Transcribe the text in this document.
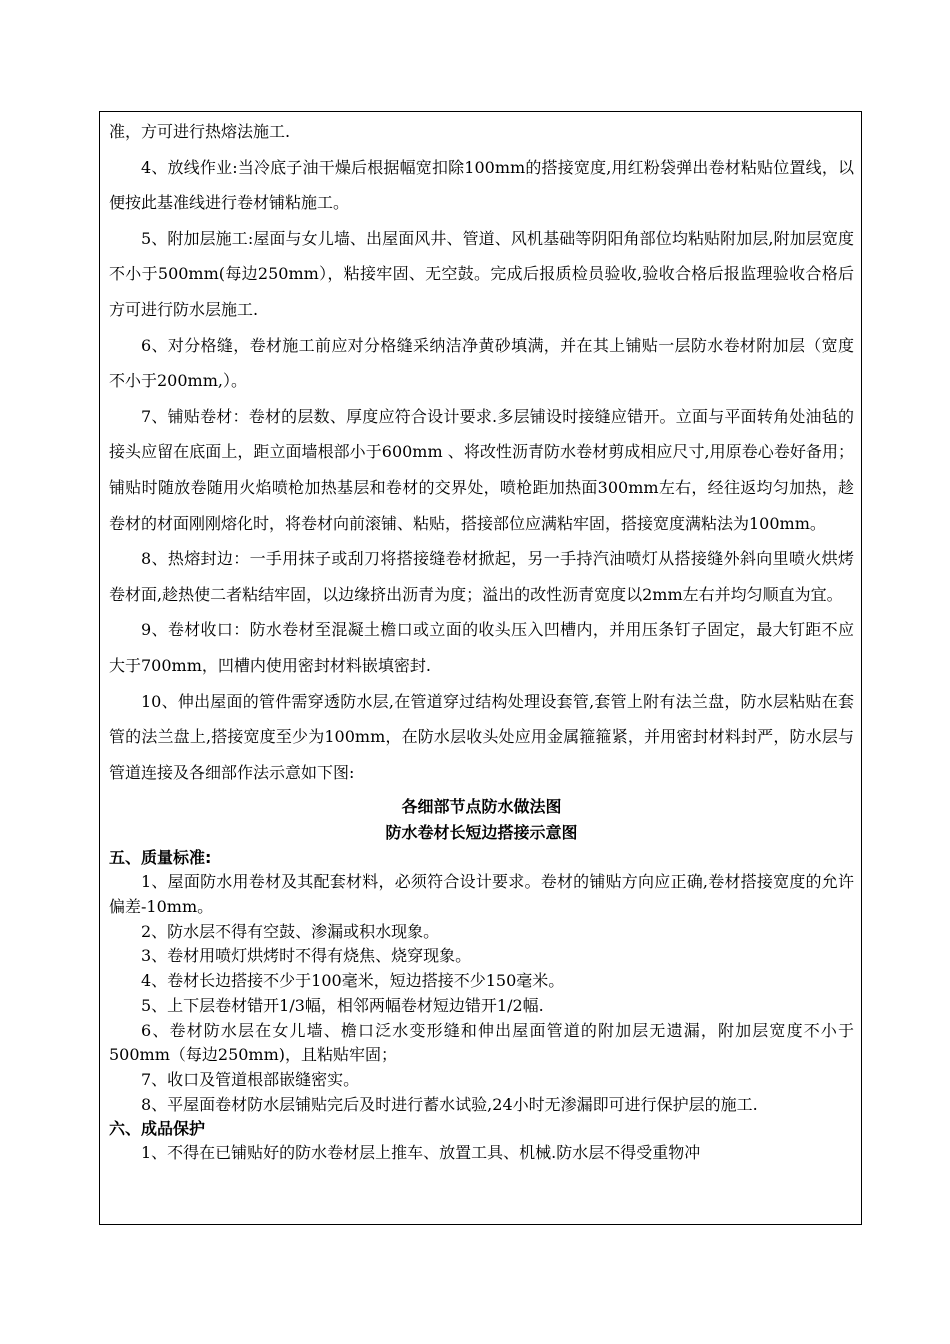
准，方可进行热熔法施工.

4、放线作业:当冷底子油干燥后根据幅宽扣除100mm的搭接宽度,用红粉袋弹出卷材粘贴位置线，以便按此基准线进行卷材铺粘施工。

5、附加层施工:屋面与女儿墙、出屋面风井、管道、风机基础等阴阳角部位均粘贴附加层,附加层宽度不小于500mm(每边250mm），粘接牢固、无空鼓。完成后报质检员验收,验收合格后报监理验收合格后方可进行防水层施工.

6、对分格缝，卷材施工前应对分格缝采纳洁净黄砂填满，并在其上铺贴一层防水卷材附加层（宽度不小于200mm,）。

7、铺贴卷材：卷材的层数、厚度应符合设计要求.多层铺设时接缝应错开。立面与平面转角处油毡的接头应留在底面上，距立面墙根部小于600mm 、将改性沥青防水卷材剪成相应尺寸,用原卷心卷好备用；铺贴时随放卷随用火焰喷枪加热基层和卷材的交界处，喷枪距加热面300mm左右，经往返均匀加热，趁卷材的材面刚刚熔化时，将卷材向前滚铺、粘贴，搭接部位应满粘牢固，搭接宽度满粘法为100mm。

8、热熔封边：一手用抹子或刮刀将搭接缝卷材掀起，另一手持汽油喷灯从搭接缝外斜向里喷火烘烤卷材面,趁热使二者粘结牢固，以边缘挤出沥青为度；溢出的改性沥青宽度以2mm左右并均匀顺直为宜。

9、卷材收口：防水卷材至混凝土檐口或立面的收头压入凹槽内，并用压条钉子固定，最大钉距不应大于700mm，凹槽内使用密封材料嵌填密封.

10、伸出屋面的管件需穿透防水层,在管道穿过结构处理设套管,套管上附有法兰盘，防水层粘贴在套管的法兰盘上,搭接宽度至少为100mm，在防水层收头处应用金属箍箍紧，并用密封材料封严，防水层与管道连接及各细部作法示意如下图:

各细部节点防水做法图

防水卷材长短边搭接示意图

五、质量标准:

1、屋面防水用卷材及其配套材料，必须符合设计要求。卷材的铺贴方向应正确,卷材搭接宽度的允许偏差-10mm。

2、防水层不得有空鼓、渗漏或积水现象。

3、卷材用喷灯烘烤时不得有烧焦、烧穿现象。

4、卷材长边搭接不少于100毫米，短边搭接不少150毫米。

5、上下层卷材错开1/3幅，相邻两幅卷材短边错开1/2幅.

6、卷材防水层在女儿墙、檐口泛水变形缝和伸出屋面管道的附加层无遗漏，附加层宽度不小于500mm（每边250mm)，且粘贴牢固；

7、收口及管道根部嵌缝密实。

8、平屋面卷材防水层铺贴完后及时进行蓄水试验,24小时无渗漏即可进行保护层的施工.

六、成品保护

1、不得在已铺贴好的防水卷材层上推车、放置工具、机械.防水层不得受重物冲
